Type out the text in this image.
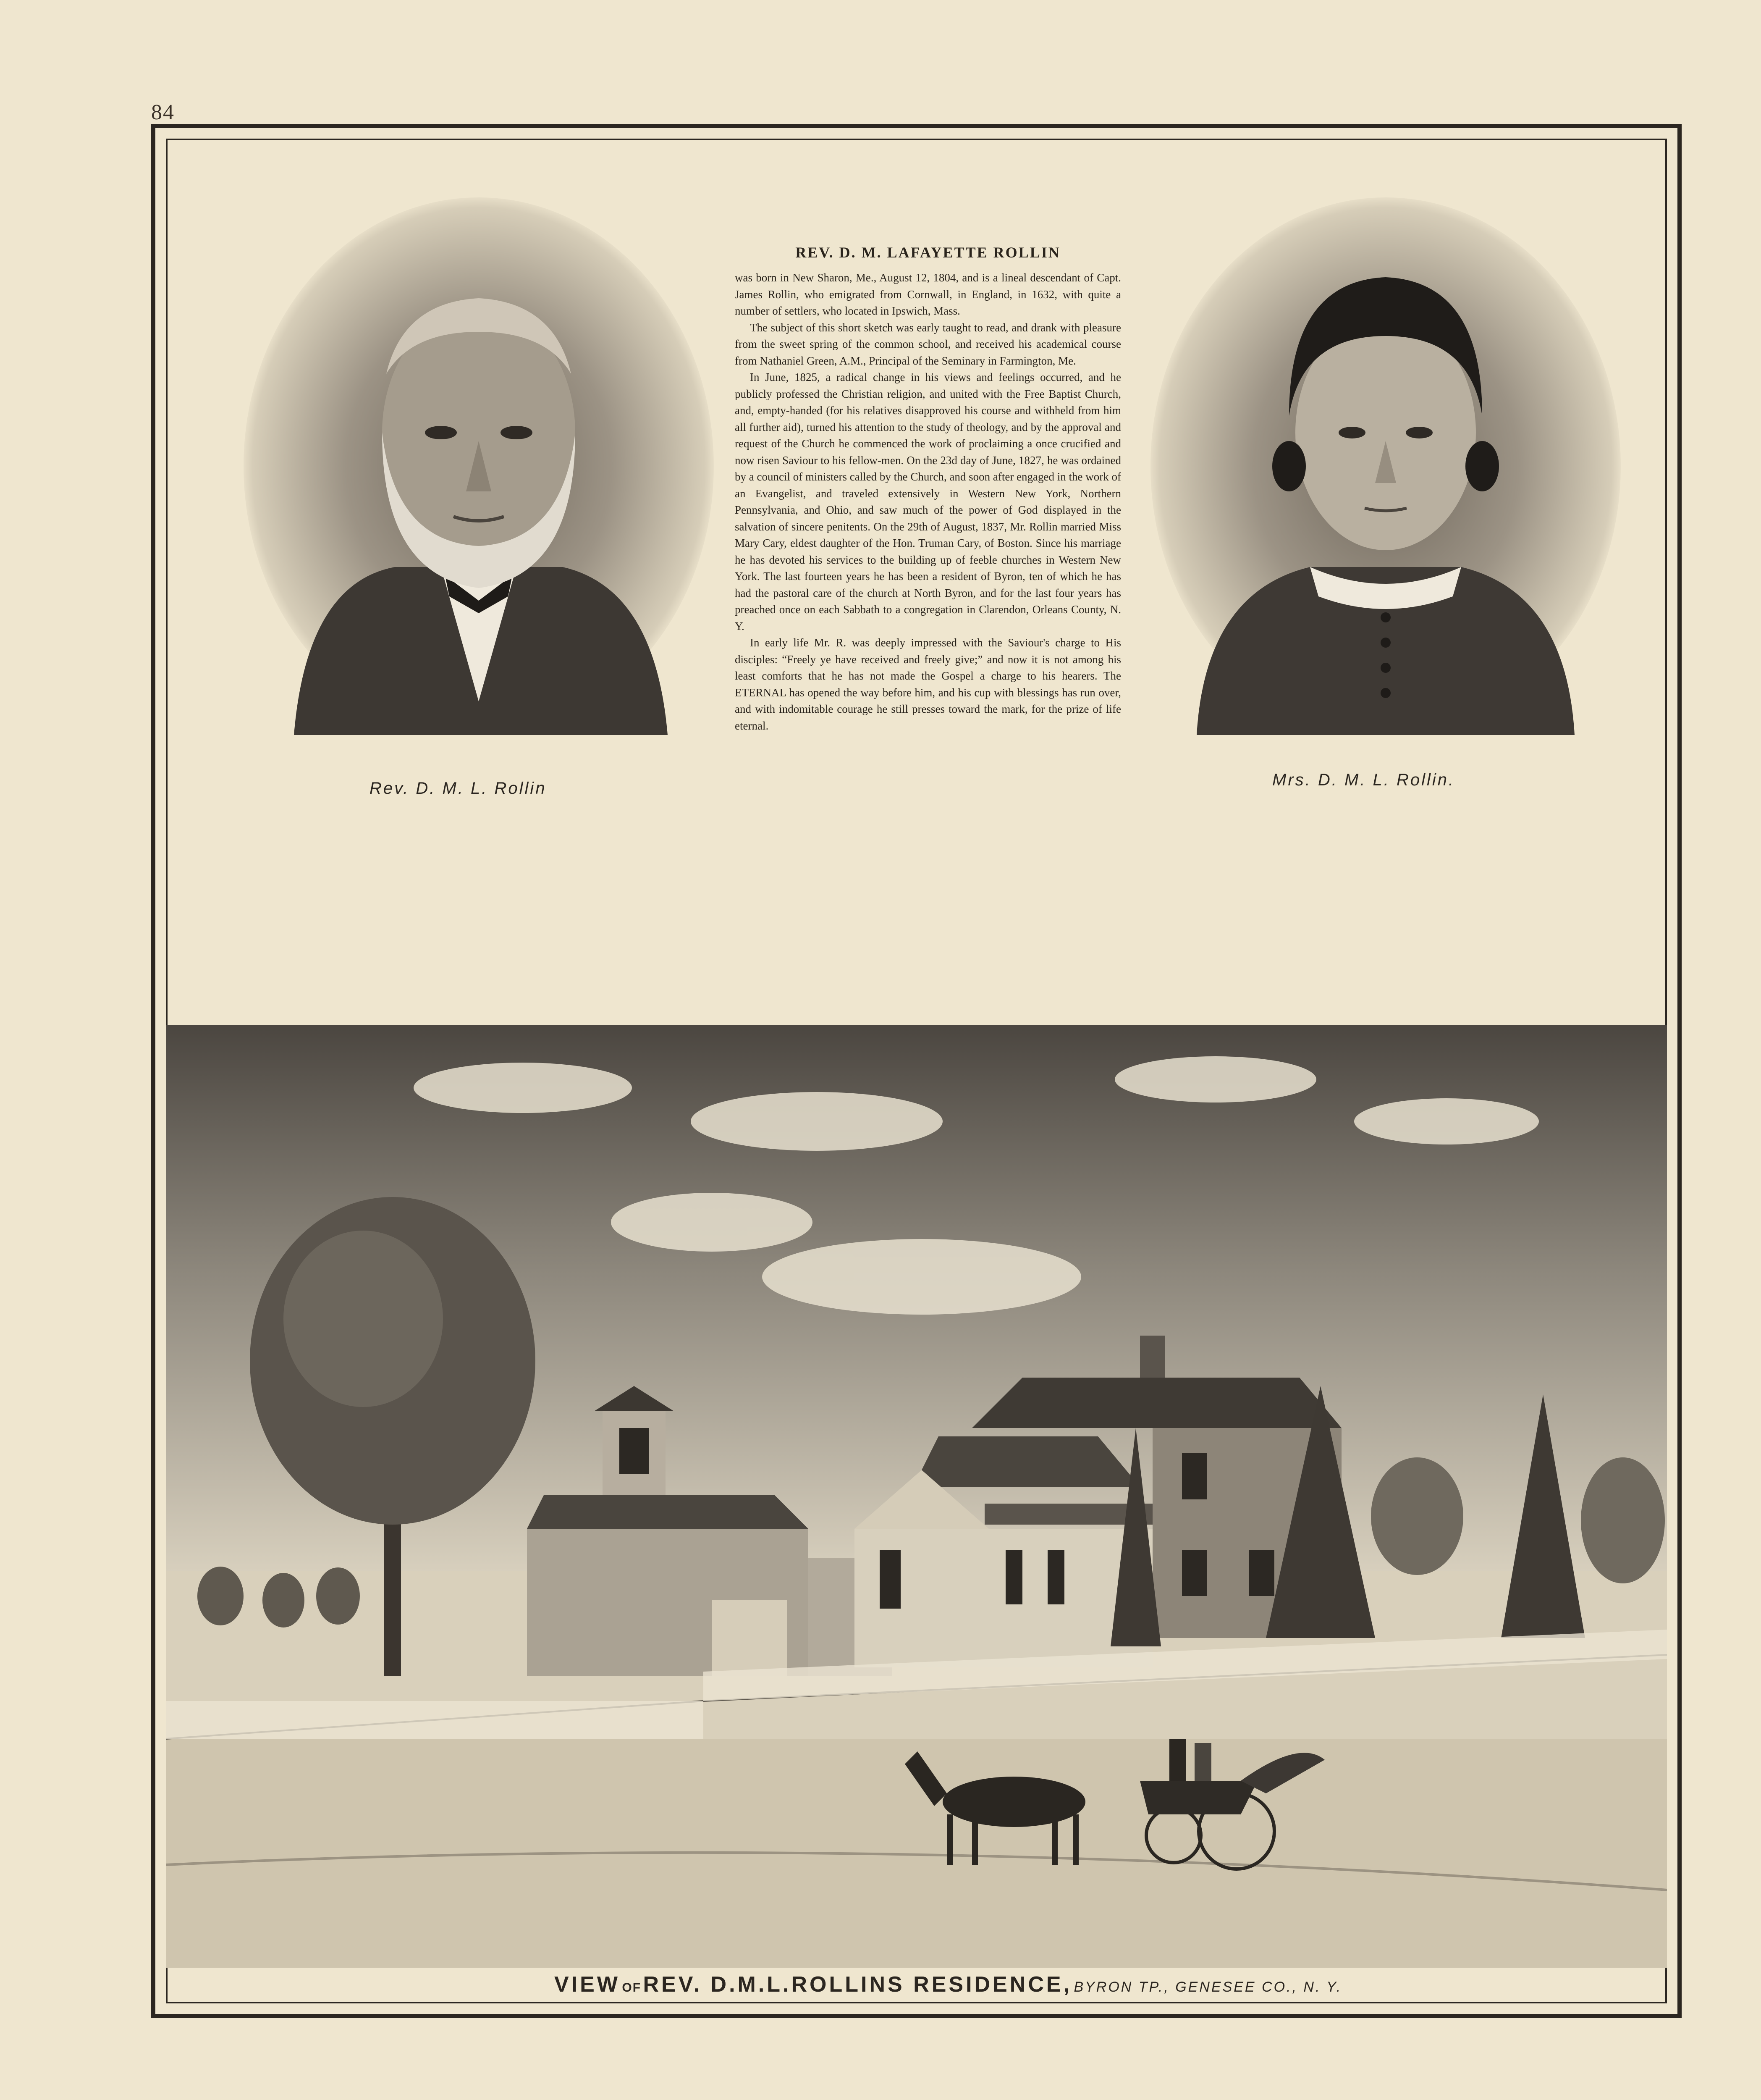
84
Rev. D. M. L. Rollin	Mrs. D. M. L. Rollin.
REV. D. M. LAFAYETTE ROLLIN

was born in New Sharon, Me., August 12, 1804, and is a lineal descendant of Capt. James Rollin, who emigrated from Cornwall, in England, in 1632, with quite a number of settlers, who located in Ipswich, Mass.

The subject of this short sketch was early taught to read, and drank with pleasure from the sweet spring of the common school, and received his academical course from Nathaniel Green, A.M., Principal of the Seminary in Farmington, Me.

In June, 1825, a radical change in his views and feelings occurred, and he publicly professed the Christian religion, and united with the Free Baptist Church, and, empty-handed (for his relatives disapproved his course and withheld from him all further aid), turned his attention to the study of theology, and by the approval and request of the Church he commenced the work of proclaiming a once crucified and now risen Saviour to his fellow-men. On the 23d day of June, 1827, he was ordained by a council of ministers called by the Church, and soon after engaged in the work of an Evangelist, and traveled extensively in Western New York, Northern Pennsylvania, and Ohio, and saw much of the power of God displayed in the salvation of sincere penitents. On the 29th of August, 1837, Mr. Rollin married Miss Mary Cary, eldest daughter of the Hon. Truman Cary, of Boston. Since his marriage he has devoted his services to the building up of feeble churches in Western New York. The last fourteen years he has been a resident of Byron, ten of which he has had the pastoral care of the church at North Byron, and for the last four years has preached once on each Sabbath to a congregation in Clarendon, Orleans County, N. Y.

In early life Mr. R. was deeply impressed with the Saviour's charge to His disciples: “Freely ye have received and freely give;” and now it is not among his least comforts that he has not made the Gospel a charge to his hearers. The ETERNAL has opened the way before him, and his cup with blessings has run over, and with indomitable courage he still presses toward the mark, for the prize of life eternal.

VIEW OF REV. D.M.L.ROLLINS RESIDENCE, BYRON TP., GENESEE CO., N. Y.
